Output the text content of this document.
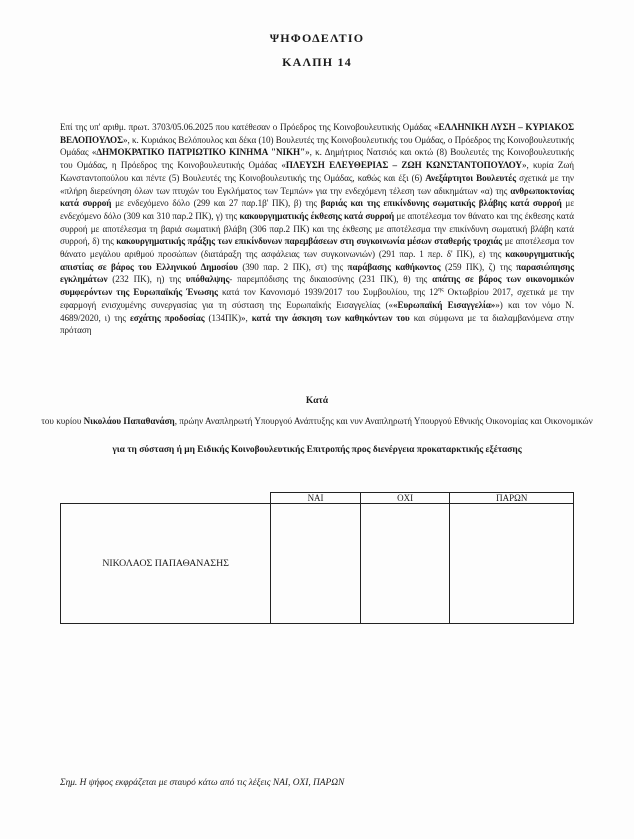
ΨΗΦΟΔΕΛΤΙΟ
ΚΑΛΠΗ 14
Επί της υπ' αριθμ. πρωτ. 3703/05.06.2025 που κατέθεσαν ο Πρόεδρος της Κοινοβουλευτικής Ομάδας «ΕΛΛΗΝΙΚΗ ΛΥΣΗ – ΚΥΡΙΑΚΟΣ ΒΕΛΟΠΟΥΛΟΣ», κ. Κυριάκος Βελόπουλος και δέκα (10) Βουλευτές της Κοινοβουλευτικής του Ομάδας, ο Πρόεδρος της Κοινοβουλευτικής Ομάδας «ΔΗΜΟΚΡΑΤΙΚΟ ΠΑΤΡΙΩΤΙΚΟ ΚΙΝΗΜΑ "ΝΙΚΗ"», κ. Δημήτριος Νατσιός και οκτώ (8) Βουλευτές της Κοινοβουλευτικής του Ομάδας, η Πρόεδρος της Κοινοβουλευτικής Ομάδας «ΠΛΕΥΣΗ ΕΛΕΥΘΕΡΙΑΣ – ΖΩΗ ΚΩΝΣΤΑΝΤΟΠΟΥΛΟΥ», κυρία Ζωή Κωνσταντοπούλου και πέντε (5) Βουλευτές της Κοινοβουλευτικής της Ομάδας, καθώς και έξι (6) Ανεξάρτητοι Βουλευτές σχετικά με την «πλήρη διερεύνηση όλων των πτυχών του Εγκλήματος των Τεμπών» για την ενδεχόμενη τέλεση των αδικημάτων «α) της ανθρωποκτονίας κατά συρροή με ενδεχόμενο δόλο (299 και 27 παρ.1β' ΠΚ), β) της βαριάς και της επικίνδυνης σωματικής βλάβης κατά συρροή με ενδεχόμενο δόλο (309 και 310 παρ.2 ΠΚ), γ) της κακουργηματικής έκθεσης κατά συρροή με αποτέλεσμα τον θάνατο και της έκθεσης κατά συρροή με αποτέλεσμα τη βαριά σωματική βλάβη (306 παρ.2 ΠΚ) και της έκθεσης με αποτέλεσμα την επικίνδυνη σωματική βλάβη κατά συρροή, δ) της κακουργηματικής πράξης των επικίνδυνων παρεμβάσεων στη συγκοινωνία μέσων σταθερής τροχιάς με αποτέλεσμα τον θάνατο μεγάλου αριθμού προσώπων (διατάραξη της ασφάλειας των συγκοινωνιών) (291 παρ. 1 περ. δ' ΠΚ), ε) της κακουργηματικής απιστίας σε βάρος του Ελληνικού Δημοσίου (390 παρ. 2 ΠΚ), στ) της παράβασης καθήκοντος (259 ΠΚ), ζ) της παρασιώπησης εγκλημάτων (232 ΠΚ), η) της υπόθαλψης- παρεμπόδισης της δικαιοσύνης (231 ΠΚ), θ) της απάτης σε βάρος των οικονομικών συμφερόντων της Ευρωπαϊκής Ένωσης κατά τον Κανονισμό 1939/2017 του Συμβουλίου, της $12^{\eta\varsigma}$ Οκτωβρίου 2017, σχετικά με την εφαρμογή ενισχυμένης συνεργασίας για τη σύσταση της Ευρωπαϊκής Εισαγγελίας (««Ευρωπαϊκή Εισαγγελία»») και τον νόμο Ν. 4689/2020, ι) της εσχάτης προδοσίας (134ΠΚ)», κατά την άσκηση των καθηκόντων του και σύμφωνα με τα διαλαμβανόμενα στην πρόταση
Κατά
του κυρίου Νικολάου Παπαθανάση, πρώην Αναπληρωτή Υπουργού Ανάπτυξης και νυν Αναπληρωτή Υπουργού Εθνικής Οικονομίας και Οικονομικών
για τη σύσταση ή μη Ειδικής Κοινοβουλευτικής Επιτροπής προς διενέργεια προκαταρκτικής εξέτασης
	ΝΑΙ	ΟΧΙ	ΠΑΡΩΝ
ΝΙΚΟΛΑΟΣ ΠΑΠΑΘΑΝΑΣΗΣ			
Σημ. Η ψήφος εκφράζεται με σταυρό κάτω από τις λέξεις ΝΑΙ, ΟΧΙ, ΠΑΡΩΝ
